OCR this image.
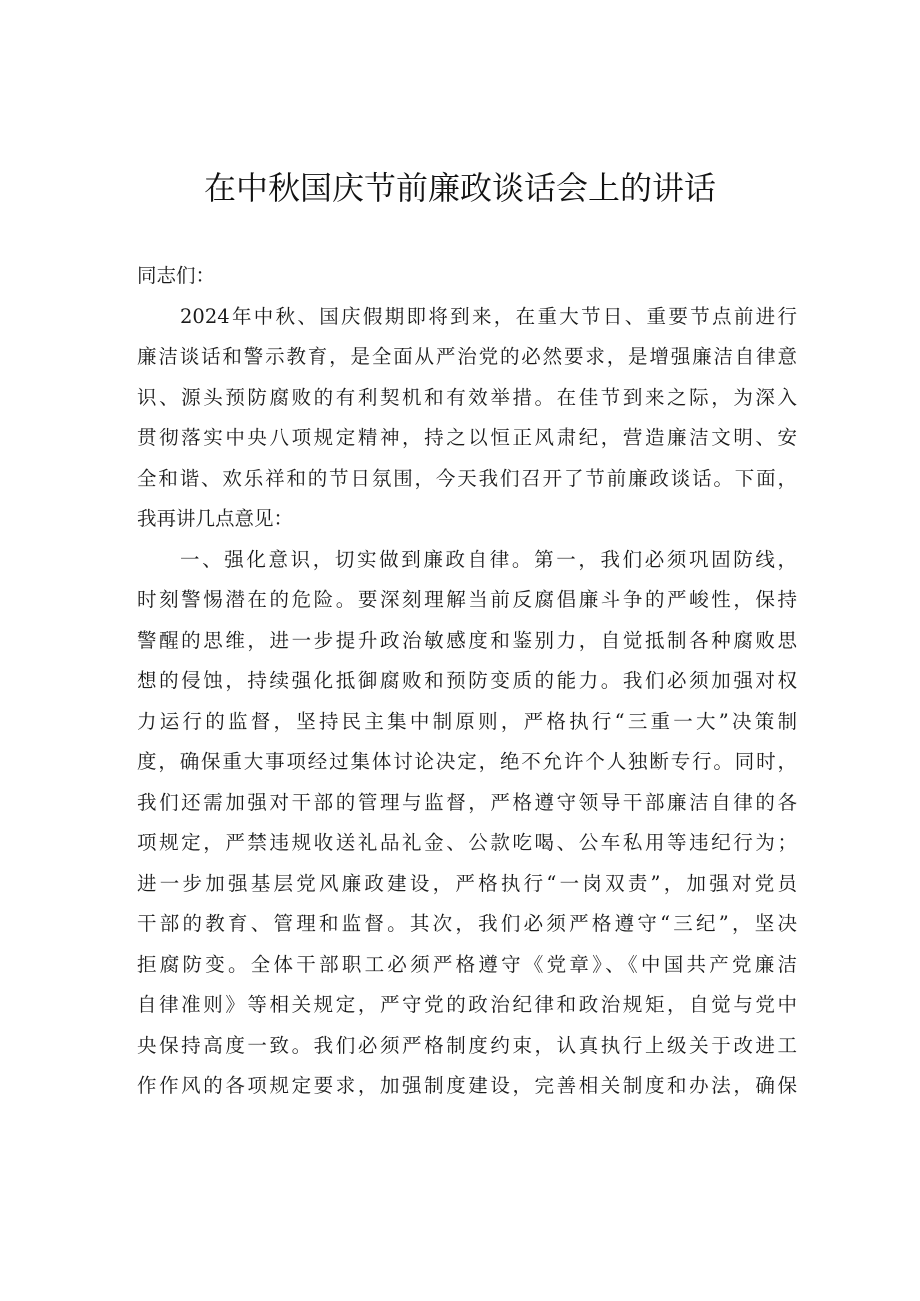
在中秋国庆节前廉政谈话会上的讲话
同志们：
2024年中秋、国庆假期即将到来，在重大节日、重要节点前进行
廉洁谈话和警示教育，是全面从严治党的必然要求，是增强廉洁自律意
识、源头预防腐败的有利契机和有效举措。在佳节到来之际，为深入
贯彻落实中央八项规定精神，持之以恒正风肃纪，营造廉洁文明、安
全和谐、欢乐祥和的节日氛围，今天我们召开了节前廉政谈话。下面，
我再讲几点意见：
一、强化意识，切实做到廉政自律。第一，我们必须巩固防线，
时刻警惕潜在的危险。要深刻理解当前反腐倡廉斗争的严峻性，保持
警醒的思维，进一步提升政治敏感度和鉴别力，自觉抵制各种腐败思
想的侵蚀，持续强化抵御腐败和预防变质的能力。我们必须加强对权
力运行的监督，坚持民主集中制原则，严格执行“三重一大”决策制
度，确保重大事项经过集体讨论决定，绝不允许个人独断专行。同时，
我们还需加强对干部的管理与监督，严格遵守领导干部廉洁自律的各
项规定，严禁违规收送礼品礼金、公款吃喝、公车私用等违纪行为；
进一步加强基层党风廉政建设，严格执行“一岗双责”，加强对党员
干部的教育、管理和监督。其次，我们必须严格遵守“三纪”，坚决
拒腐防变。全体干部职工必须严格遵守《党章》、《中国共产党廉洁
自律准则》等相关规定，严守党的政治纪律和政治规矩，自觉与党中
央保持高度一致。我们必须严格制度约束，认真执行上级关于改进工
作作风的各项规定要求，加强制度建设，完善相关制度和办法，确保
